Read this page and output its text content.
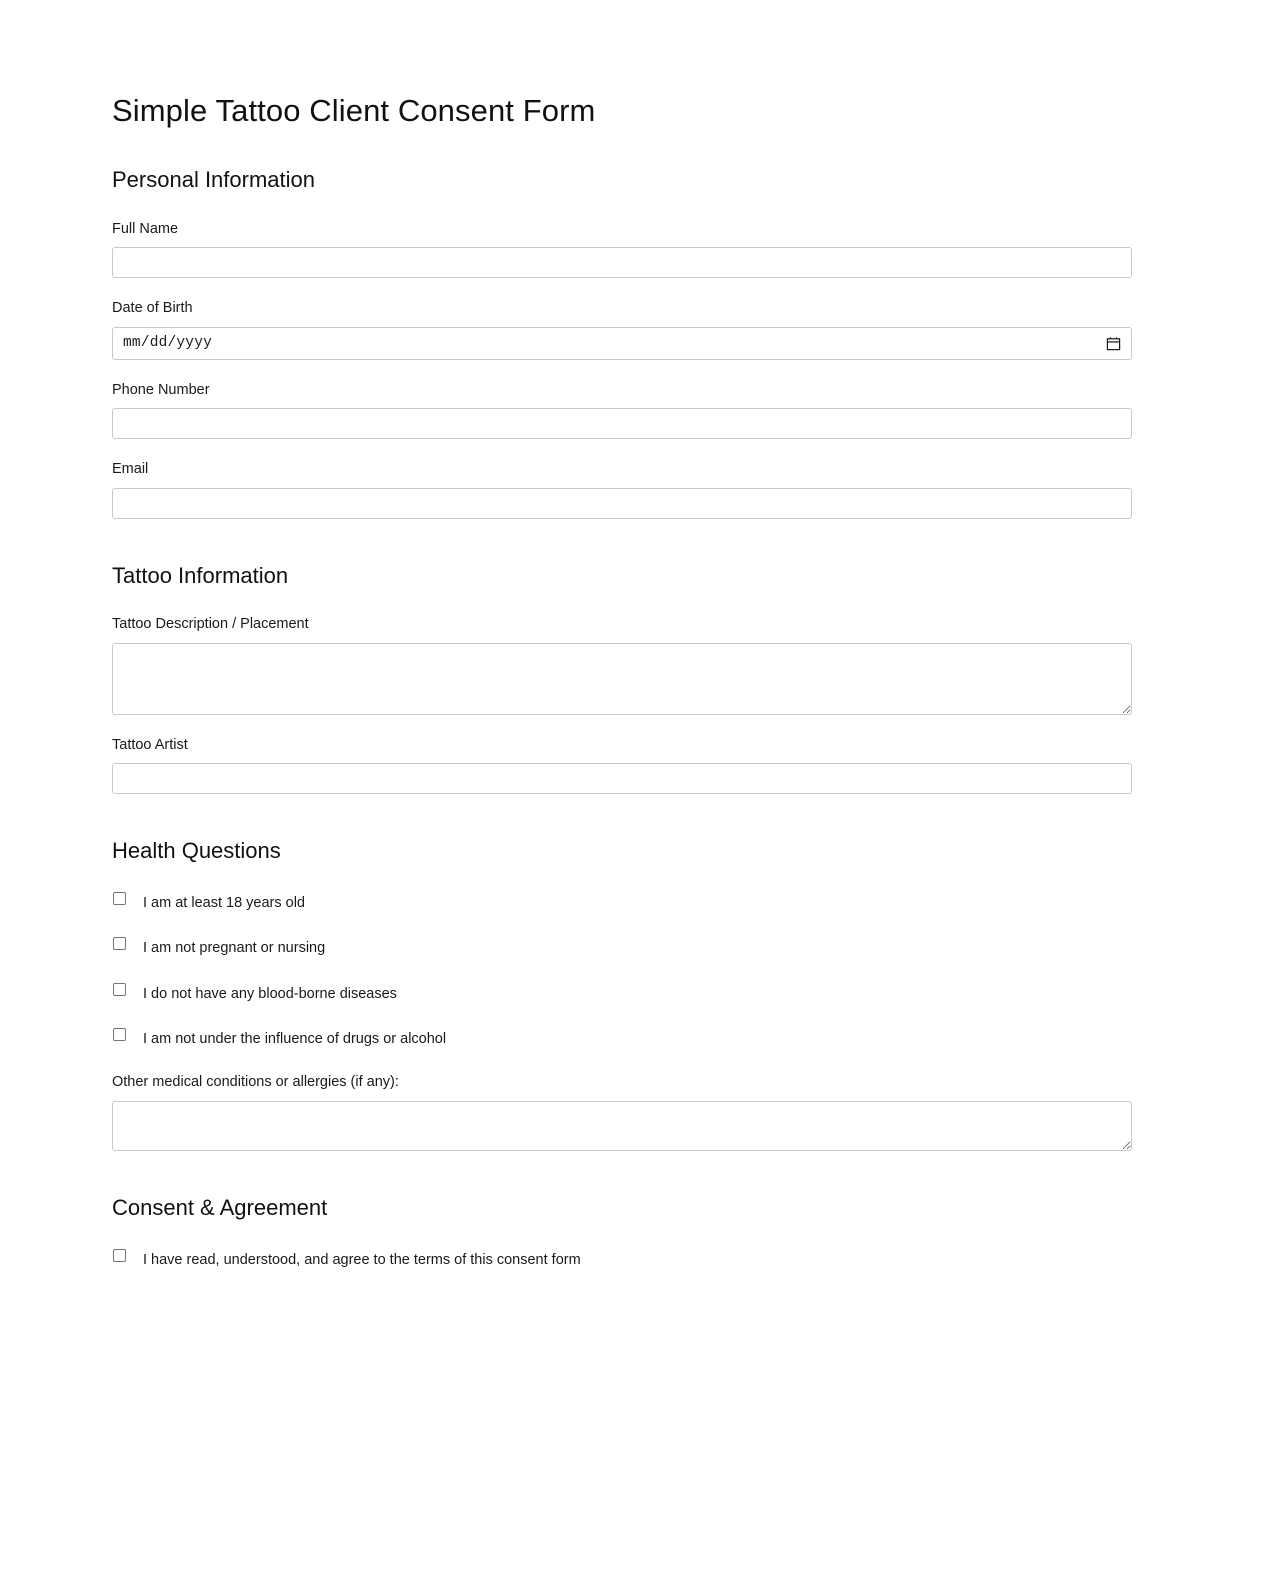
Simple Tattoo Client Consent Form
Personal Information
Full Name
Date of Birth
mm/dd/yyyy
Phone Number
Email
Tattoo Information
Tattoo Description / Placement
Tattoo Artist
Health Questions
I am at least 18 years old
I am not pregnant or nursing
I do not have any blood-borne diseases
I am not under the influence of drugs or alcohol
Other medical conditions or allergies (if any):
Consent & Agreement
I have read, understood, and agree to the terms of this consent form
